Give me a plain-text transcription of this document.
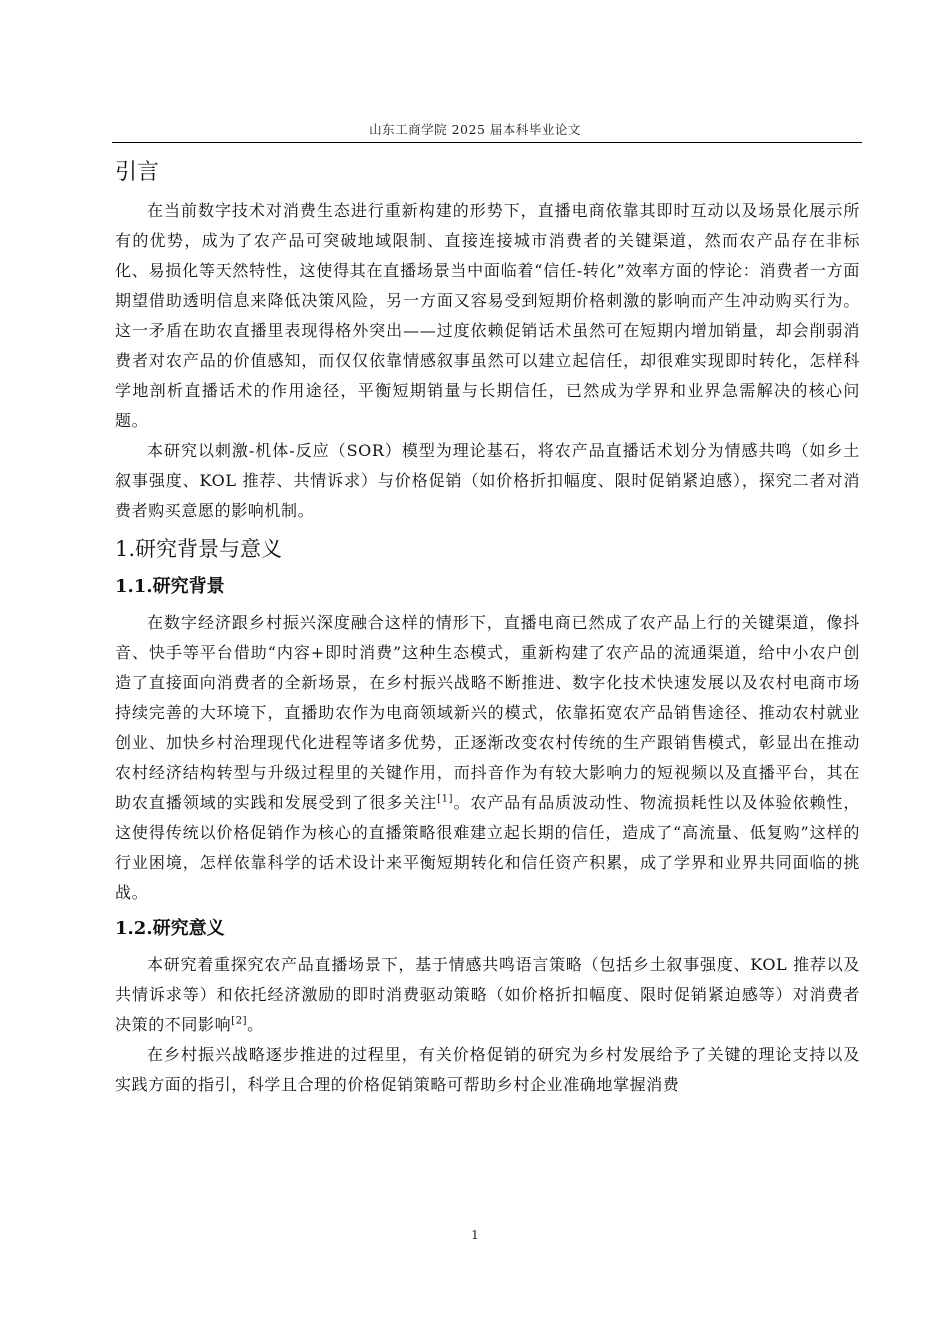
山东工商学院 2025 届本科毕业论文
引言

在当前数字技术对消费生态进行重新构建的形势下，直播电商依靠其即时互动以及场景化展示所有的优势，成为了农产品可突破地域限制、直接连接城市消费者的关键渠道，然而农产品存在非标化、易损化等天然特性，这使得其在直播场景当中面临着“信任-转化”效率方面的悖论：消费者一方面期望借助透明信息来降低决策风险，另一方面又容易受到短期价格刺激的影响而产生冲动购买行为。这一矛盾在助农直播里表现得格外突出——过度依赖促销话术虽然可在短期内增加销量，却会削弱消费者对农产品的价值感知，而仅仅依靠情感叙事虽然可以建立起信任，却很难实现即时转化，怎样科学地剖析直播话术的作用途径，平衡短期销量与长期信任，已然成为学界和业界急需解决的核心问题。

本研究以刺激-机体-反应（SOR）模型为理论基石，将农产品直播话术划分为情感共鸣（如乡土叙事强度、KOL 推荐、共情诉求）与价格促销（如价格折扣幅度、限时促销紧迫感），探究二者对消费者购买意愿的影响机制。

1.研究背景与意义
1.1.研究背景

在数字经济跟乡村振兴深度融合这样的情形下，直播电商已然成了农产品上行的关键渠道，像抖音、快手等平台借助“内容+即时消费”这种生态模式，重新构建了农产品的流通渠道，给中小农户创造了直接面向消费者的全新场景，在乡村振兴战略不断推进、数字化技术快速发展以及农村电商市场持续完善的大环境下，直播助农作为电商领域新兴的模式，依靠拓宽农产品销售途径、推动农村就业创业、加快乡村治理现代化进程等诸多优势，正逐渐改变农村传统的生产跟销售模式，彰显出在推动农村经济结构转型与升级过程里的关键作用，而抖音作为有较大影响力的短视频以及直播平台，其在助农直播领域的实践和发展受到了很多关注[1]。农产品有品质波动性、物流损耗性以及体验依赖性，这使得传统以价格促销作为核心的直播策略很难建立起长期的信任，造成了“高流量、低复购”这样的行业困境，怎样依靠科学的话术设计来平衡短期转化和信任资产积累，成了学界和业界共同面临的挑战。

1.2.研究意义

本研究着重探究农产品直播场景下，基于情感共鸣语言策略（包括乡土叙事强度、KOL 推荐以及共情诉求等）和依托经济激励的即时消费驱动策略（如价格折扣幅度、限时促销紧迫感等）对消费者决策的不同影响[2]。

在乡村振兴战略逐步推进的过程里，有关价格促销的研究为乡村发展给予了关键的理论支持以及实践方面的指引，科学且合理的价格促销策略可帮助乡村企业准确地掌握消费

1
